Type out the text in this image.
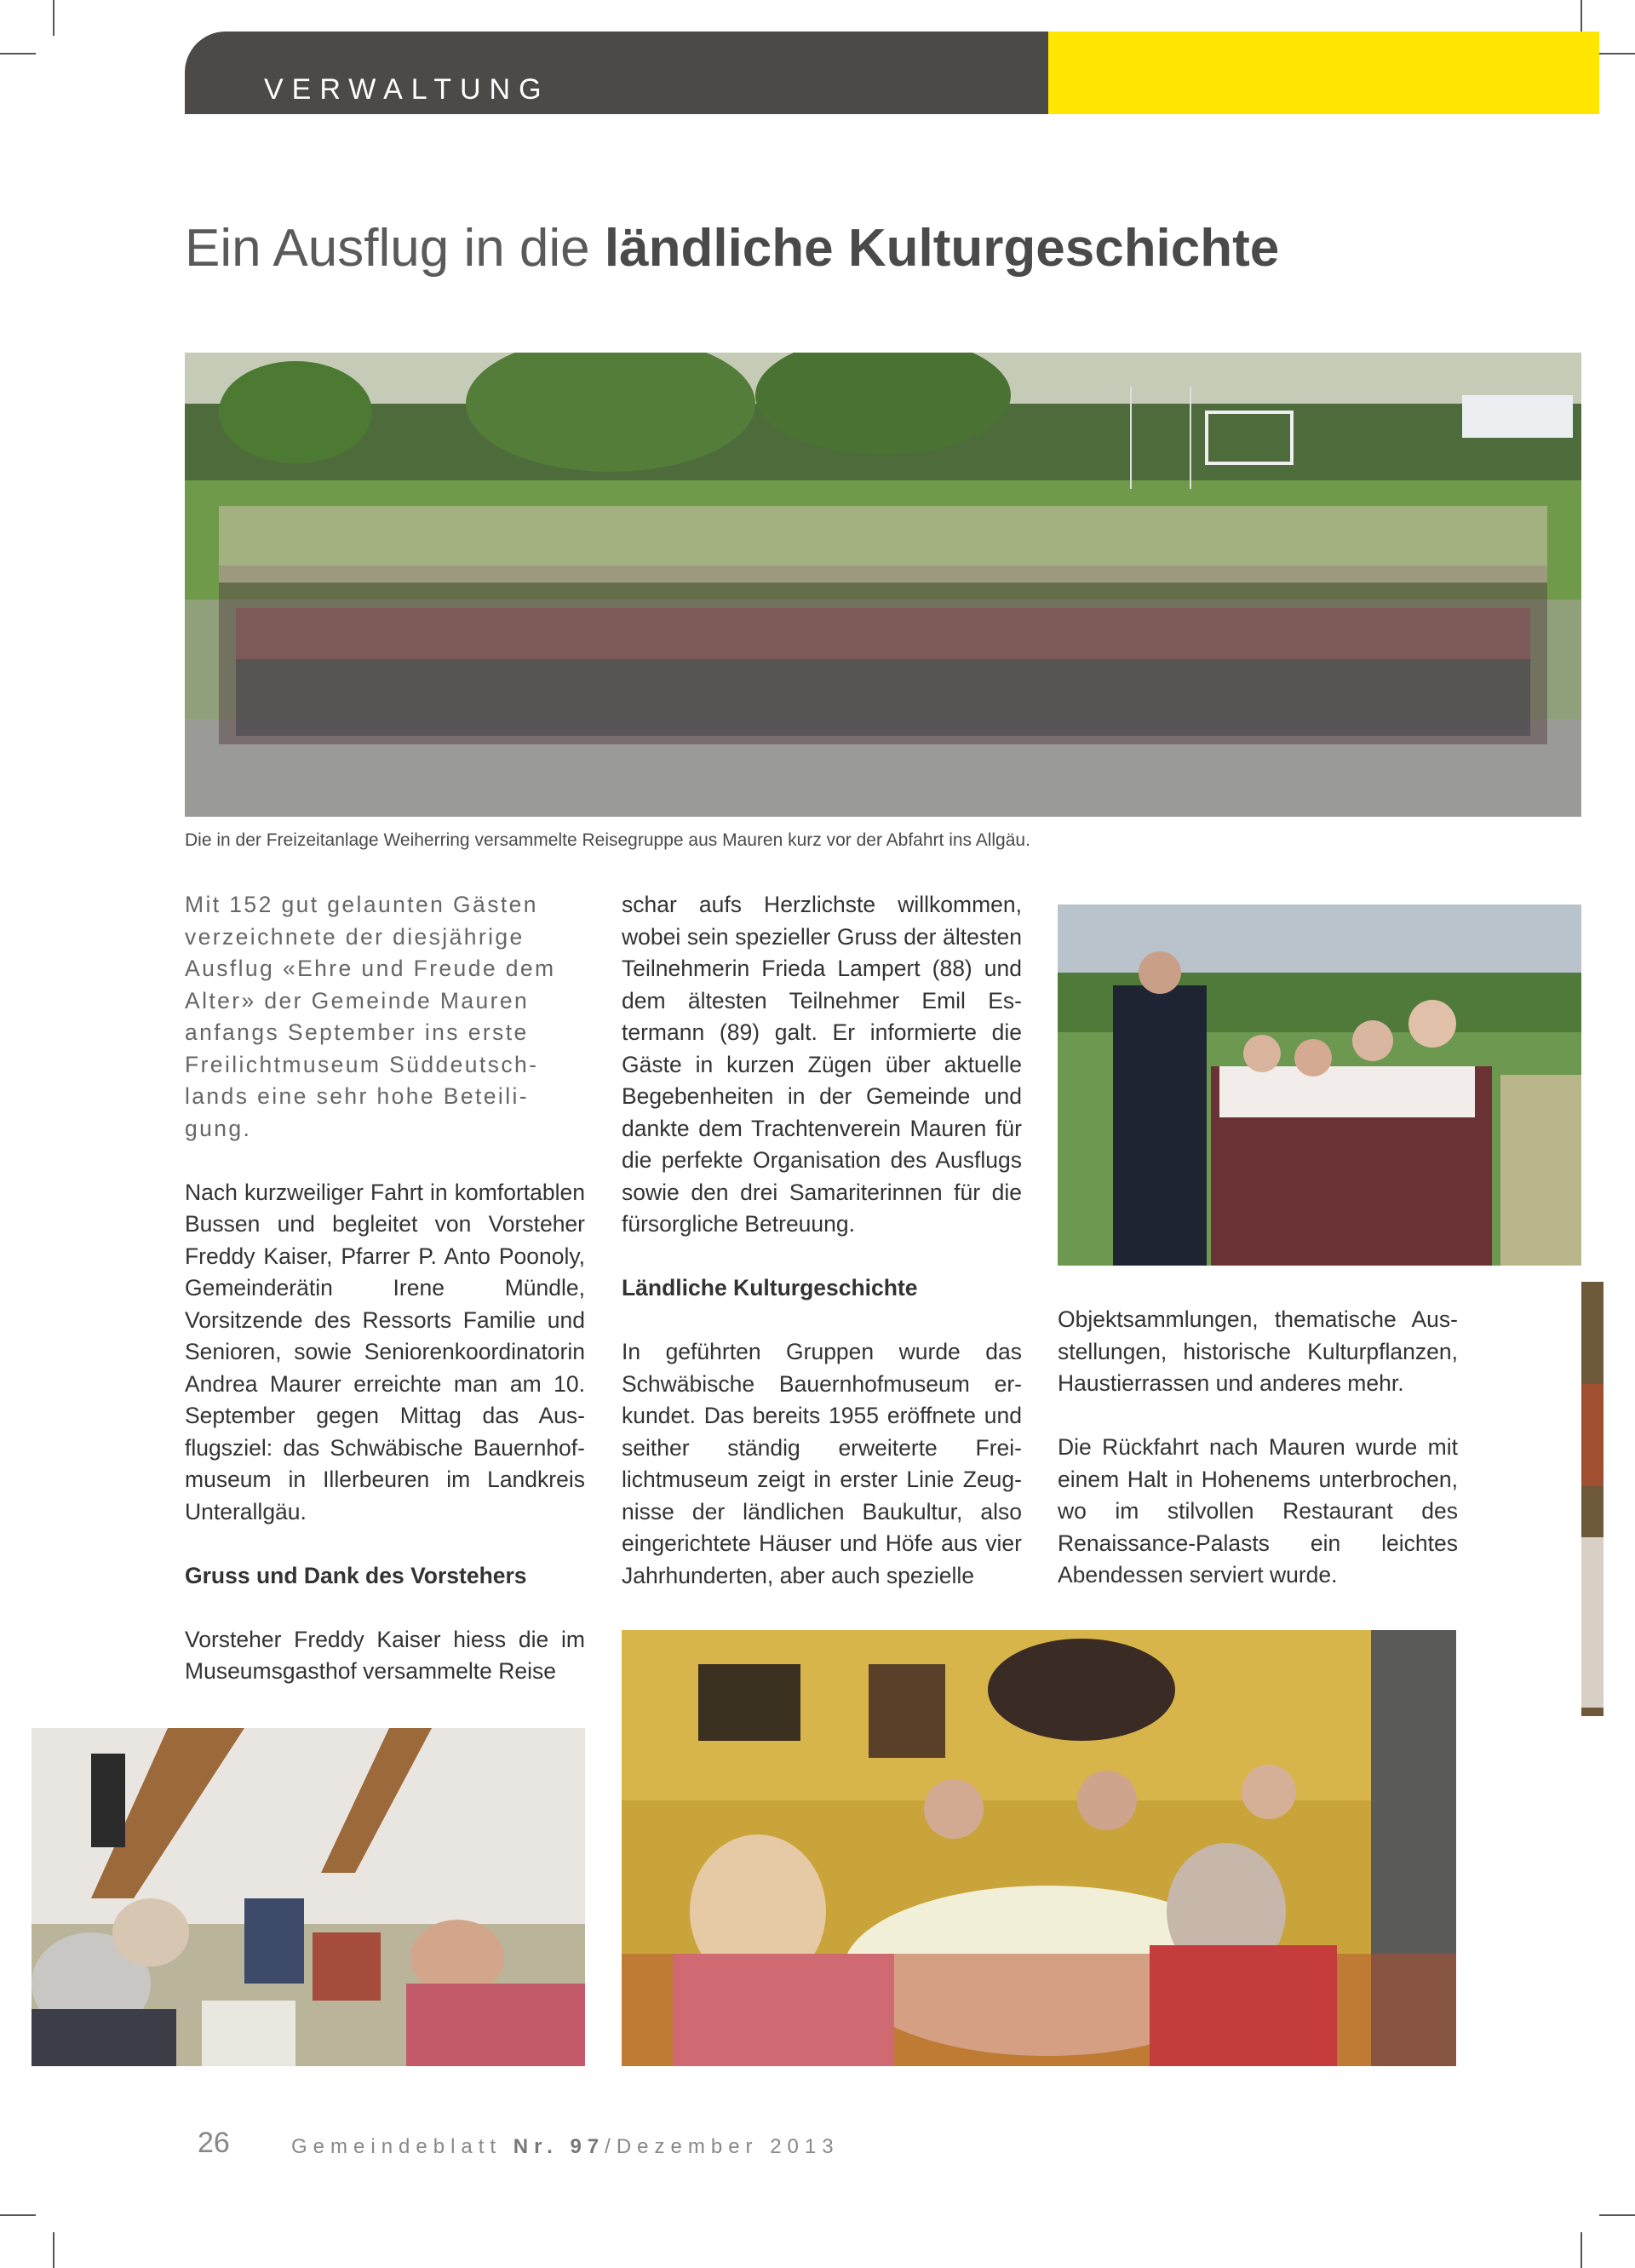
VERWALTUNG
Ein Ausflug in die ländliche Kulturgeschichte
Die in der Freizeitanlage Weiherring versammelte Reisegruppe aus Mauren kurz vor der Abfahrt ins Allgäu.

Mit 152 gut gelaunten Gästen
verzeichnete der diesjährige
Ausflug «Ehre und Freude dem
Alter» der Gemeinde Mauren
anfangs September ins erste
Freilichtmuseum Süddeutsch-
lands eine sehr hohe Beteili-
gung.

Nach kurzweiliger Fahrt in komfortablen Bussen und begleitet von Vorsteher Freddy Kaiser, Pfarrer P. Anto Poonoly, Gemeinderätin Irene Mündle, Vorsitzende des Ressorts Familie und Senioren, sowie Seniorenkoordinatorin Andrea Maurer erreichte man am 10. September gegen Mittag das Ausflugsziel: das Schwäbische Bauernhofmuseum in Illerbeuren im Landkreis Unterallgäu.

Gruss und Dank des Vorstehers

Vorsteher Freddy Kaiser hiess die im Museumsgasthof versammelte Reise

schar aufs Herzlichste willkommen, wobei sein spezieller Gruss der ältesten Teilnehmerin Frieda Lampert (88) und dem ältesten Teilnehmer Emil Estermann (89) galt. Er informierte die Gäste in kurzen Zügen über aktuelle Begebenheiten in der Gemeinde und dankte dem Trachtenverein Mauren für die perfekte Organisation des Ausflugs sowie den drei Samariterinnen für die fürsorgliche Betreuung.

Ländliche Kulturgeschichte

In geführten Gruppen wurde das Schwäbische Bauernhofmuseum erkundet. Das bereits 1955 eröffnete und seither ständig erweiterte Freilichtmuseum zeigt in erster Linie Zeugnisse der ländlichen Baukultur, also eingerichtete Häuser und Höfe aus vier Jahrhunderten, aber auch spezielle

Objektsammlungen, thematische Ausstellungen, historische Kulturpflanzen, Haustierrassen und anderes mehr.

Die Rückfahrt nach Mauren wurde mit einem Halt in Hohenems unterbrochen, wo im stilvollen Restaurant des Renaissance-Palasts ein leichtes Abendessen serviert wurde.

26	Gemeindeblatt Nr. 97/Dezember 2013
